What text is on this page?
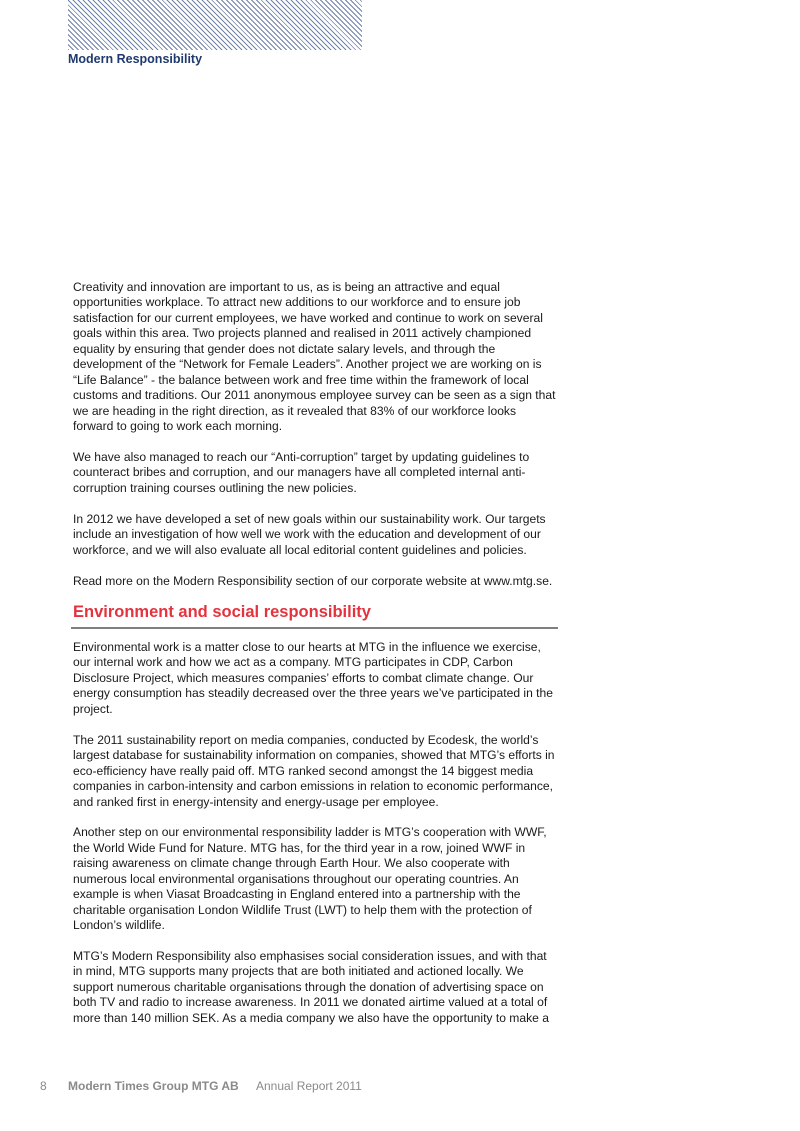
Modern Responsibility

Creativity and innovation are important to us, as is being an attractive and equal
opportunities workplace. To attract new additions to our workforce and to ensure job
satisfaction for our current employees, we have worked and continue to work on several
goals within this area. Two projects planned and realised in 2011 actively championed
equality by ensuring that gender does not dictate salary levels, and through the
development of the “Network for Female Leaders”. Another project we are working on is
“Life Balance” - the balance between work and free time within the framework of local
customs and traditions. Our 2011 anonymous employee survey can be seen as a sign that
we are heading in the right direction, as it revealed that 83% of our workforce looks
forward to going to work each morning.

We have also managed to reach our “Anti-corruption” target by updating guidelines to
counteract bribes and corruption, and our managers have all completed internal anti-
corruption training courses outlining the new policies.

In 2012 we have developed a set of new goals within our sustainability work. Our targets
include an investigation of how well we work with the education and development of our
workforce, and we will also evaluate all local editorial content guidelines and policies.

Read more on the Modern Responsibility section of our corporate website at www.mtg.se.

Environment and social responsibility

Environmental work is a matter close to our hearts at MTG in the influence we exercise,
our internal work and how we act as a company. MTG participates in CDP, Carbon
Disclosure Project, which measures companies’ efforts to combat climate change. Our
energy consumption has steadily decreased over the three years we’ve participated in the
project.

The 2011 sustainability report on media companies, conducted by Ecodesk, the world’s
largest database for sustainability information on companies, showed that MTG’s efforts in
eco-efficiency have really paid off. MTG ranked second amongst the 14 biggest media
companies in carbon-intensity and carbon emissions in relation to economic performance,
and ranked first in energy-intensity and energy-usage per employee.

Another step on our environmental responsibility ladder is MTG’s cooperation with WWF,
the World Wide Fund for Nature. MTG has, for the third year in a row, joined WWF in
raising awareness on climate change through Earth Hour. We also cooperate with
numerous local environmental organisations throughout our operating countries. An
example is when Viasat Broadcasting in England entered into a partnership with the
charitable organisation London Wildlife Trust (LWT) to help them with the protection of
London’s wildlife.

MTG’s Modern Responsibility also emphasises social consideration issues, and with that
in mind, MTG supports many projects that are both initiated and actioned locally. We
support numerous charitable organisations through the donation of advertising space on
both TV and radio to increase awareness. In 2011 we donated airtime valued at a total of
more than 140 million SEK. As a media company we also have the opportunity to make a

8 Modern Times Group MTG AB Annual Report 2011
